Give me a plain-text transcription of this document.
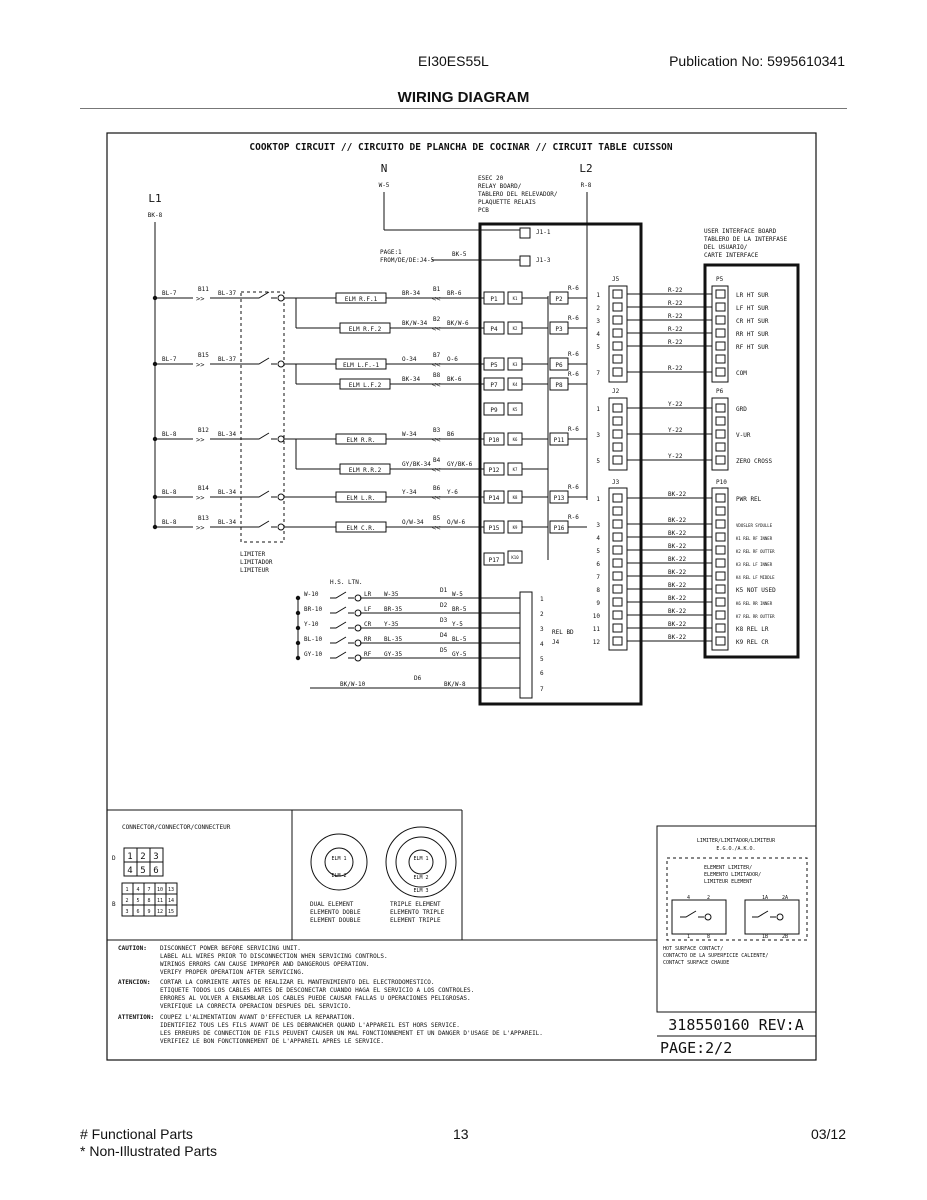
EI30ES55L	Publication No: 5995610341
WIRING DIAGRAM
COOKTOP CIRCUIT // CIRCUITO DE PLANCHA DE COCINAR // CIRCUIT TABLE CUISSON
N
W-5
L2
R-8
L1
BK-8
ESEC 20
RELAY BOARD/
TABLERO DEL RELEVADOR/
PLAQUETTE RELAIS
PCB
USER INTERFACE BOARD
TABLERO DE LA INTERFASE
DEL USUARIO/
CARTE INTERFACE
J1-1
J1-3
PAGE:1
FROM/DE/DE:J4-5
BK-5
J5
J2
J3
P5
P6
P10
REL BD
J4
BL-7
B11
>>
BL-37
ELM R.F.1
BR-34
B1
<<
BR-6
P1	P2
R-6
ELM R.F.2
BK/W-34
B2
<<
BK/W-6
P4	P3
R-6
BL-7
B15
>>
BL-37
ELM L.F.-1
O-34
B7
<<
O-6
P5	P6
R-6
ELM L.F.2
BK-34
B8
<<
BK-6
P7	P8
R-6
BL-8
B12
>>
BL-34
ELM R.R.
W-34
B3
<<
B6
P10	P11
R-6
ELM R.R.2
GY/BK-34
B4
<<
GY/BK-6
P12
BL-8
B14
>>
BL-34
ELM L.R.
Y-34
B6
<<
Y-6
P14	P13
R-6
BL-8
B13
>>
BL-34
ELM C.R.
O/W-34
B5
<<
O/W-6
P15	P16
R-6
K1
K2
K3
K4
K5
K6
K7
K8
K9
K10
P9
P17
LIMITER
LIMITADOR
LIMITEUR
H.S. LTN.
W-10	LR W-35
D1
W-5
1
BR-10	LF BR-35
D2
BR-5
2
Y-10	CR Y-35
D3
Y-5
3
BL-10	RR BL-35
D4
BL-5
4
GY-10	RF GY-35
D5
GY-5
5
6
BK/W-10
D6
BK/W-8
7
1
R-22
LR HT SUR
2
R-22
LF HT SUR
3
R-22
CR HT SUR
4
R-22
RR HT SUR
5
R-22
RF HT SUR
7
R-22
COM
1
Y-22
GRD
3
Y-22
V-UR
5
Y-22
ZERO CROSS
1
BK-22
PWR REL
3
BK-22
VDOSLER SYDULLE
4
BK-22
K1 REL RF INNER
5
BK-22
K2 REL RF OUTTER
6
BK-22
K3 REL LF INNER
7
BK-22
K4 REL LF MIDDLE
8
BK-22
K5 NOT USED
9
BK-22
K6 REL RR INNER
10
BK-22
K7 REL RR OUTTER
11
BK-22
K8 REL LR
12
BK-22
K9 REL CR
CONNECTOR/CONNECTOR/CONNECTEUR
D
B
1 2 3
4 5 6
1 4 7 10 13
2 5 8 11 14
3 6 9 12 15
ELM 1
ELM 2
ELM 1
ELM 2
ELM 3
DUAL ELEMENT
ELEMENTO DOBLE
ELEMENT DOUBLE
TRIPLE ELEMENT
ELEMENTO TRIPLE
ELEMENT TRIPLE
LIMITER/LIMITADOR/LIMITEUR
E.G.O./A.K.O.
ELEMENT LIMITER/
ELEMENTO LIMITADOR/
LIMITEUR ELEMENT
4	2	1A	2A
1	8	1B	2B
HOT SURFACE CONTACT/
CONTACTO DE LA SUPERFICIE CALIENTE/
CONTACT SURFACE CHAUDE
CAUTION: DISCONNECT POWER BEFORE SERVICING UNIT.
LABEL ALL WIRES PRIOR TO DISCONNECTION WHEN SERVICING CONTROLS.
WIRINGS ERRORS CAN CAUSE IMPROPER AND DANGEROUS OPERATION.
VERIFY PROPER OPERATION AFTER SERVICING.
ATENCION: CORTAR LA CORRIENTE ANTES DE REALIZAR EL MANTENIMIENTO DEL ELECTRODOMESTICO.
ETIQUETE TODOS LOS CABLES ANTES DE DESCONECTAR CUANDO HAGA EL SERVICIO A LOS CONTROLES.
ERRORES AL VOLVER A ENSAMBLAR LOS CABLES PUEDE CAUSAR FALLAS U OPERACIONES PELIGROSAS.
VERIFIQUE LA CORRECTA OPERACION DESPUES DEL SERVICIO.
ATTENTION: COUPEZ L'ALIMENTATION AVANT D'EFFECTUER LA REPARATION.
IDENTIFIEZ TOUS LES FILS AVANT DE LES DEBRANCHER QUAND L'APPAREIL EST HORS SERVICE.
LES ERREURS DE CONNECTION DE FILS PEUVENT CAUSER UN MAL FONCTIONNEMENT ET UN DANGER D'USAGE DE L'APPAREIL.
VERIFIEZ LE BON FONCTIONNEMENT DE L'APPAREIL APRES LE SERVICE.
318550160 REV:A
PAGE:2/2
# Functional Parts
* Non-Illustrated Parts
13	03/12
